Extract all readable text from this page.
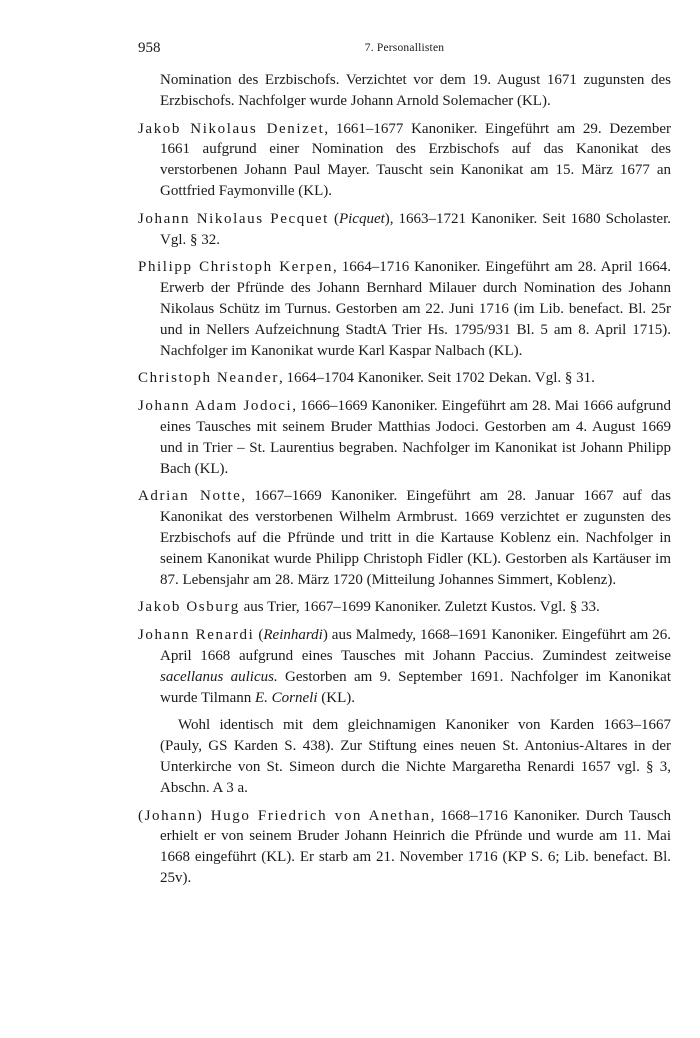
958	7. Personallisten

Nomination des Erzbischofs. Verzichtet vor dem 19. August 1671 zugunsten des Erzbischofs. Nachfolger wurde Johann Arnold Solemacher (KL).

Jakob Nikolaus Denizet, 1661–1677 Kanoniker. Eingeführt am 29. Dezember 1661 aufgrund einer Nomination des Erzbischofs auf das Kanonikat des verstorbenen Johann Paul Mayer. Tauscht sein Kanonikat am 15. März 1677 an Gottfried Faymonville (KL).

Johann Nikolaus Pecquet (Picquet), 1663–1721 Kanoniker. Seit 1680 Scholaster. Vgl. § 32.

Philipp Christoph Kerpen, 1664–1716 Kanoniker. Eingeführt am 28. April 1664. Erwerb der Pfründe des Johann Bernhard Milauer durch Nomination des Johann Nikolaus Schütz im Turnus. Gestorben am 22. Juni 1716 (im Lib. benefact. Bl. 25r und in Nellers Aufzeichnung StadtA Trier Hs. 1795/931 Bl. 5 am 8. April 1715). Nachfolger im Kanonikat wurde Karl Kaspar Nalbach (KL).

Christoph Neander, 1664–1704 Kanoniker. Seit 1702 Dekan. Vgl. § 31.

Johann Adam Jodoci, 1666–1669 Kanoniker. Eingeführt am 28. Mai 1666 aufgrund eines Tausches mit seinem Bruder Matthias Jodoci. Gestorben am 4. August 1669 und in Trier – St. Laurentius begraben. Nachfolger im Kanonikat ist Johann Philipp Bach (KL).

Adrian Notte, 1667–1669 Kanoniker. Eingeführt am 28. Januar 1667 auf das Kanonikat des verstorbenen Wilhelm Armbrust. 1669 verzichtet er zugunsten des Erzbischofs auf die Pfründe und tritt in die Kartause Koblenz ein. Nachfolger in seinem Kanonikat wurde Philipp Christoph Fidler (KL). Gestorben als Kartäuser im 87. Lebensjahr am 28. März 1720 (Mitteilung Johannes Simmert, Koblenz).

Jakob Osburg aus Trier, 1667–1699 Kanoniker. Zuletzt Kustos. Vgl. § 33.

Johann Renardi (Reinhardi) aus Malmedy, 1668–1691 Kanoniker. Eingeführt am 26. April 1668 aufgrund eines Tausches mit Johann Paccius. Zumindest zeitweise sacellanus aulicus. Gestorben am 9. September 1691. Nachfolger im Kanonikat wurde Tilmann E. Corneli (KL).

Wohl identisch mit dem gleichnamigen Kanoniker von Karden 1663–1667 (Pauly, GS Karden S. 438). Zur Stiftung eines neuen St. Antonius-Altares in der Unterkirche von St. Simeon durch die Nichte Margaretha Renardi 1657 vgl. § 3, Abschn. A 3 a.

(Johann) Hugo Friedrich von Anethan, 1668–1716 Kanoniker. Durch Tausch erhielt er von seinem Bruder Johann Heinrich die Pfründe und wurde am 11. Mai 1668 eingeführt (KL). Er starb am 21. November 1716 (KP S. 6; Lib. benefact. Bl. 25v).
